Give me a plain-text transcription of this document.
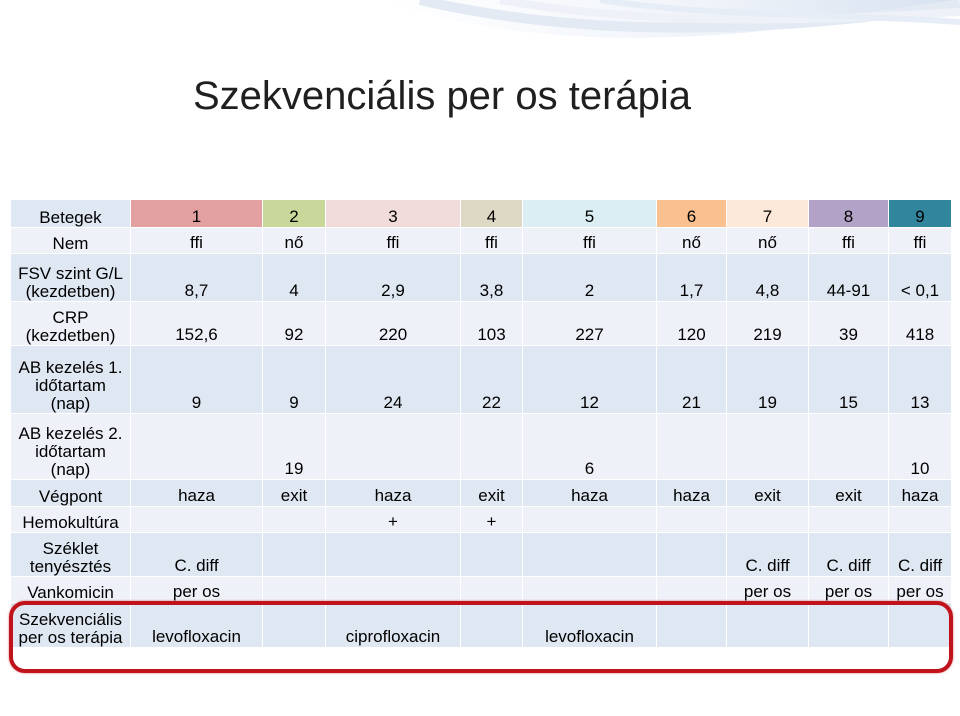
Szekvenciális per os terápia
Betegek	1	2	3	4	5	6	7	8	9

Nem	ffi	nő	ffi	ffi	ffi	nő	nő	ffi	ffi

FSV szint G/L
(kezdetben)	8,7	4	2,9	3,8	2	1,7	4,8	44-91	< 0,1

CRP
(kezdetben)	152,6	92	220	103	227	120	219	39	418

AB kezelés 1.
időtartam
(nap)	9	9	24	22	12	21	19	15	13

AB kezelés 2.
időtartam
(nap)		19			6				10

Végpont	haza	exit	haza	exit	haza	haza	exit	exit	haza

Hemokultúra			+	+					

Széklet
tenyésztés	C. diff						C. diff	C. diff	C. diff

Vankomicin	per os						per os	per os	per os

Szekvenciális
per os terápia	levofloxacin		ciprofloxacin		levofloxacin				
